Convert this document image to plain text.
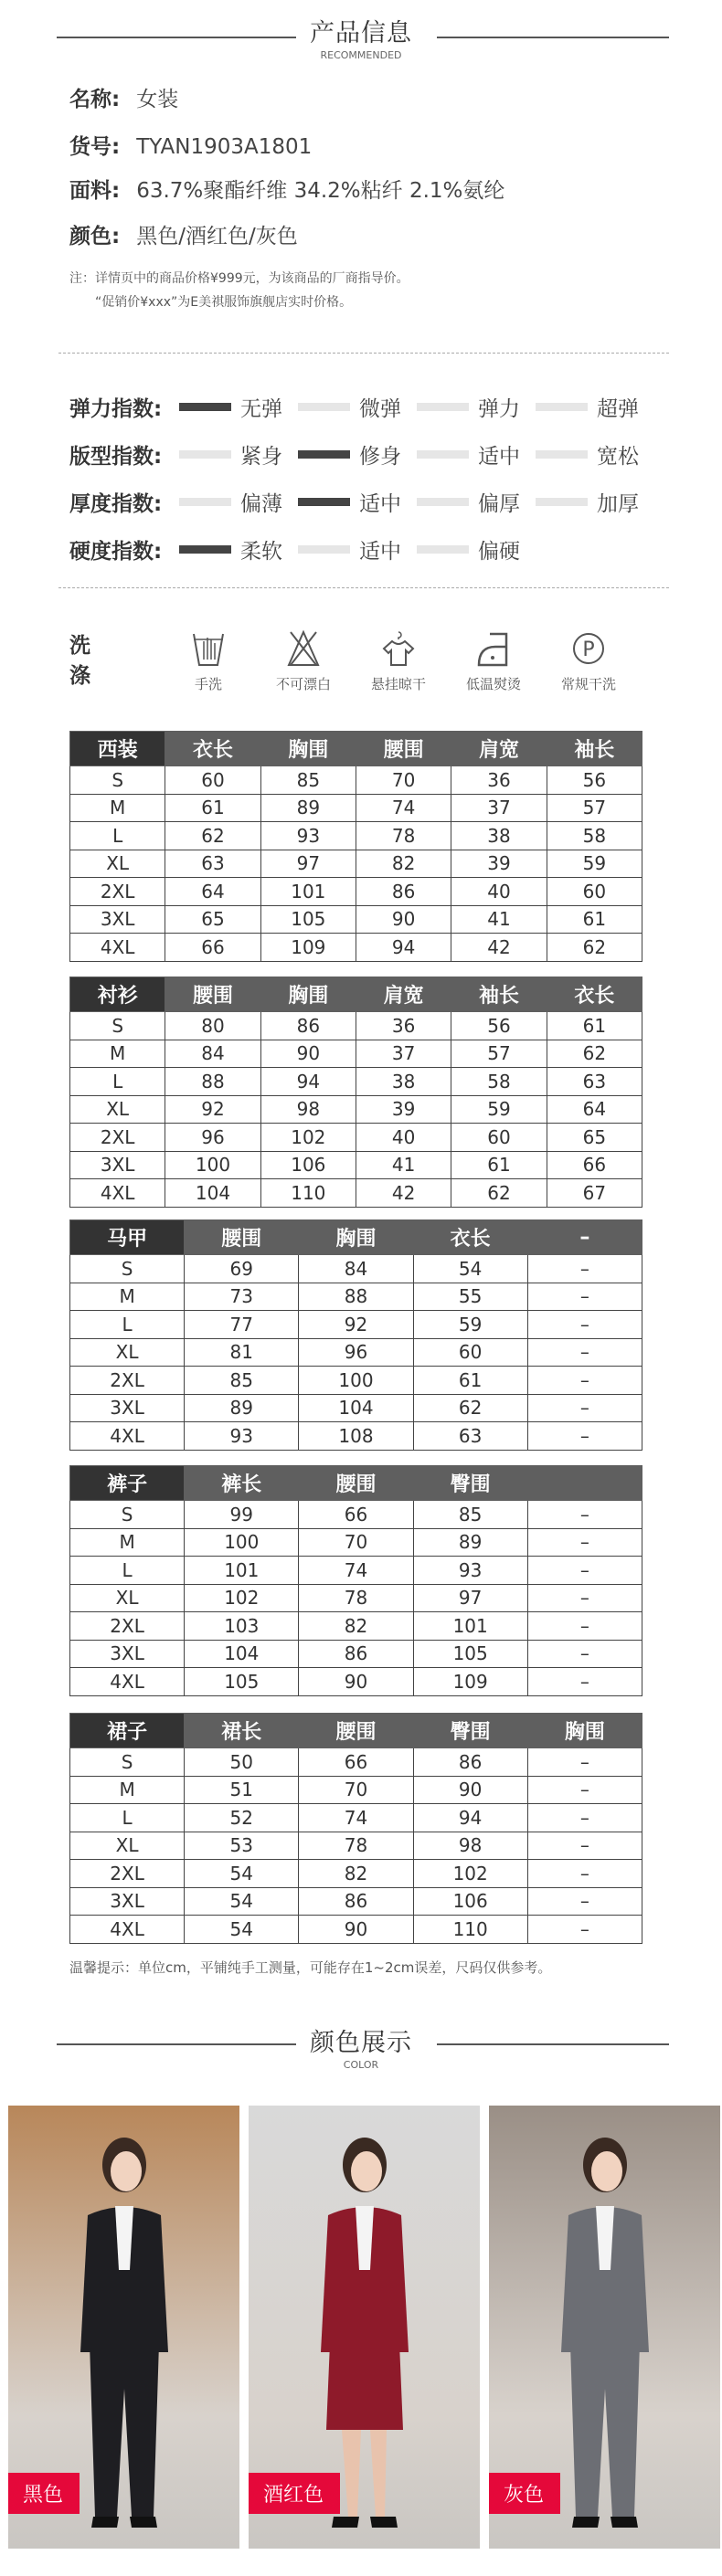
产品信息
RECOMMENDED
名称: 女装
货号: TYAN1903A1801
面料: 63.7%聚酯纤维 34.2%粘纤 2.1%氨纶
颜色: 黑色/酒红色/灰色
注：详情页中的商品价格¥999元，为该商品的厂商指导价。
“促销价¥xxx”为E美祺服饰旗舰店实时价格。
弹力指数:	无弹	微弹	弹力	超弹
版型指数:	紧身	修身	适中	宽松
厚度指数:	偏薄	适中	偏厚	加厚
硬度指数:	柔软	适中	偏硬
洗涤	手洗	不可漂白	悬挂晾干	低温熨烫
P
常规干洗
西装	衣长	胸围	腰围	肩宽	袖长
S	60	85	70	36	56
M	61	89	74	37	57
L	62	93	78	38	58
XL	63	97	82	39	59
2XL	64	101	86	40	60
3XL	65	105	90	41	61
4XL	66	109	94	42	62
衬衫	腰围	胸围	肩宽	袖长	衣长
S	80	86	36	56	61
M	84	90	37	57	62
L	88	94	38	58	63
XL	92	98	39	59	64
2XL	96	102	40	60	65
3XL	100	106	41	61	66
4XL	104	110	42	62	67
马甲	腰围	胸围	衣长	–
S	69	84	54	–
M	73	88	55	–
L	77	92	59	–
XL	81	96	60	–
2XL	85	100	61	–
3XL	89	104	62	–
4XL	93	108	63	–
裤子	裤长	腰围	臀围	
S	99	66	85	–
M	100	70	89	–
L	101	74	93	–
XL	102	78	97	–
2XL	103	82	101	–
3XL	104	86	105	–
4XL	105	90	109	–
裙子	裙长	腰围	臀围	胸围
S	50	66	86	–
M	51	70	90	–
L	52	74	94	–
XL	53	78	98	–
2XL	54	82	102	–
3XL	54	86	106	–
4XL	54	90	110	–
温馨提示：单位cm，平铺纯手工测量，可能存在1~2cm误差，尺码仅供参考。
颜色展示
COLOR
黑色	酒红色	灰色
